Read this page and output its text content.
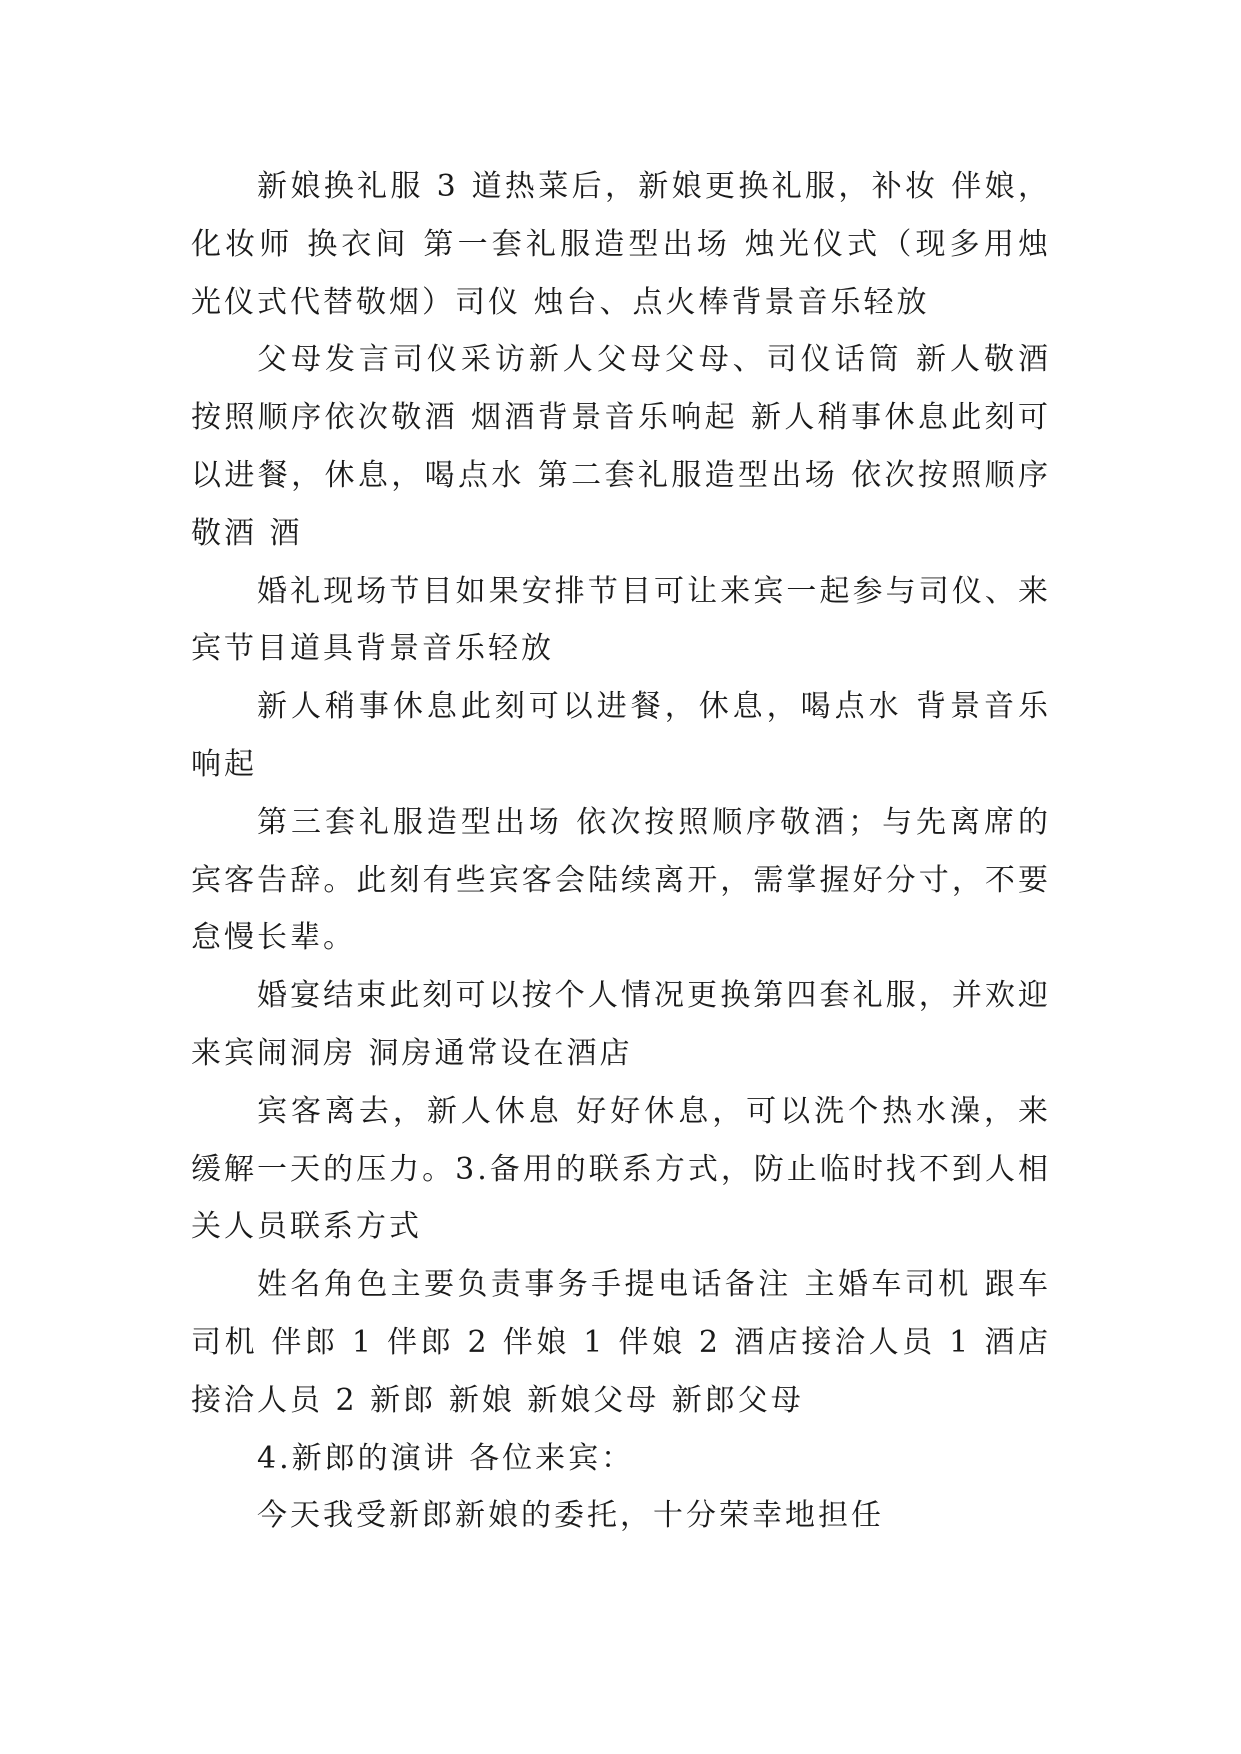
新娘换礼服 3 道热菜后，新娘更换礼服，补妆 伴娘，化妆师 换衣间 第一套礼服造型出场 烛光仪式（现多用烛光仪式代替敬烟）司仪 烛台、点火棒背景音乐轻放

父母发言司仪采访新人父母父母、司仪话筒 新人敬酒按照顺序依次敬酒 烟酒背景音乐响起 新人稍事休息此刻可以进餐，休息，喝点水 第二套礼服造型出场 依次按照顺序敬酒 酒

婚礼现场节目如果安排节目可让来宾一起参与司仪、来宾节目道具背景音乐轻放

新人稍事休息此刻可以进餐，休息，喝点水 背景音乐响起

第三套礼服造型出场 依次按照顺序敬酒；与先离席的宾客告辞。此刻有些宾客会陆续离开，需掌握好分寸，不要怠慢长辈。

婚宴结束此刻可以按个人情况更换第四套礼服，并欢迎来宾闹洞房 洞房通常设在酒店

宾客离去，新人休息 好好休息，可以洗个热水澡，来缓解一天的压力。3.备用的联系方式，防止临时找不到人相关人员联系方式

姓名角色主要负责事务手提电话备注 主婚车司机 跟车司机 伴郎 1 伴郎 2 伴娘 1 伴娘 2 酒店接洽人员 1 酒店接洽人员 2 新郎 新娘 新娘父母 新郎父母

4.新郎的演讲 各位来宾：

今天我受新郎新娘的委托，十分荣幸地担任
